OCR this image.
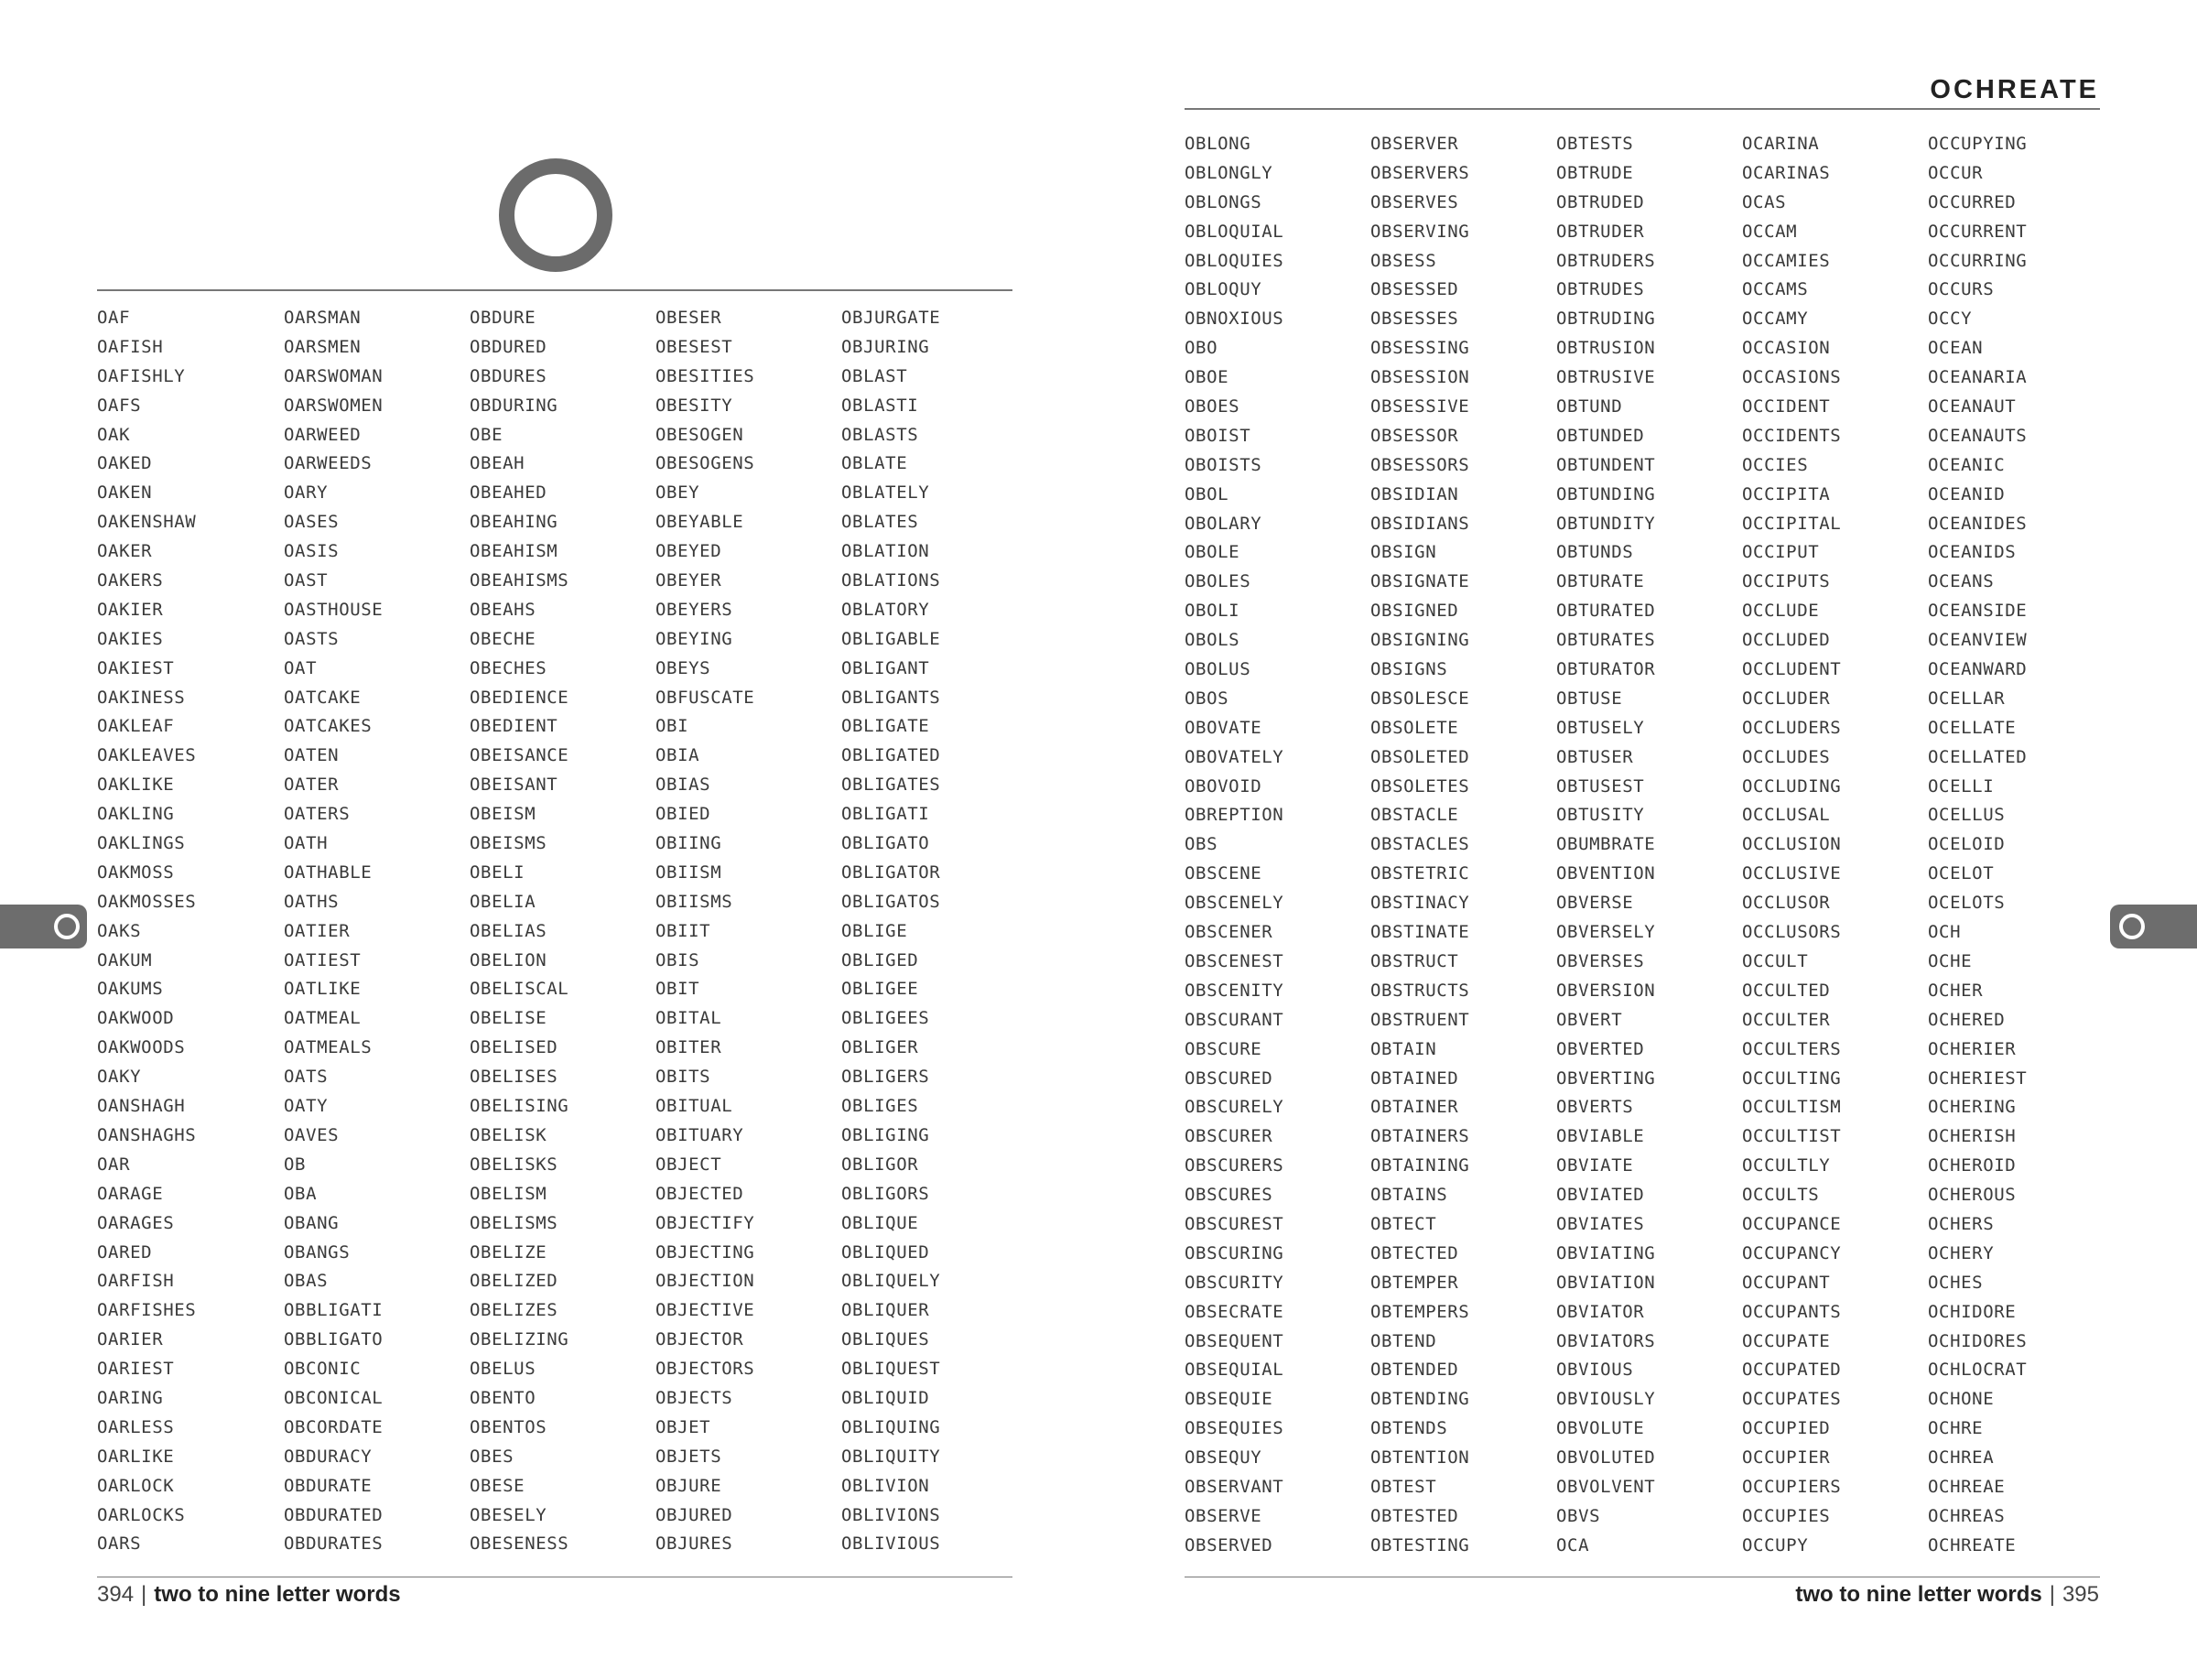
OAF
OAFISH
OAFISHLY
OAFS
OAK
OAKED
OAKEN
OAKENSHAW
OAKER
OAKERS
OAKIER
OAKIES
OAKIEST
OAKINESS
OAKLEAF
OAKLEAVES
OAKLIKE
OAKLING
OAKLINGS
OAKMOSS
OAKMOSSES
OAKS
OAKUM
OAKUMS
OAKWOOD
OAKWOODS
OAKY
OANSHAGH
OANSHAGHS
OAR
OARAGE
OARAGES
OARED
OARFISH
OARFISHES
OARIER
OARIEST
OARING
OARLESS
OARLIKE
OARLOCK
OARLOCKS
OARS
OARSMAN
OARSMEN
OARSWOMAN
OARSWOMEN
OARWEED
OARWEEDS
OARY
OASES
OASIS
OAST
OASTHOUSE
OASTS
OAT
OATCAKE
OATCAKES
OATEN
OATER
OATERS
OATH
OATHABLE
OATHS
OATIER
OATIEST
OATLIKE
OATMEAL
OATMEALS
OATS
OATY
OAVES
OB
OBA
OBANG
OBANGS
OBAS
OBBLIGATI
OBBLIGATO
OBCONIC
OBCONICAL
OBCORDATE
OBDURACY
OBDURATE
OBDURATED
OBDURATES
OBDURE
OBDURED
OBDURES
OBDURING
OBE
OBEAH
OBEAHED
OBEAHING
OBEAHISM
OBEAHISMS
OBEAHS
OBECHE
OBECHES
OBEDIENCE
OBEDIENT
OBEISANCE
OBEISANT
OBEISM
OBEISMS
OBELI
OBELIA
OBELIAS
OBELION
OBELISCAL
OBELISE
OBELISED
OBELISES
OBELISING
OBELISK
OBELISKS
OBELISM
OBELISMS
OBELIZE
OBELIZED
OBELIZES
OBELIZING
OBELUS
OBENTO
OBENTOS
OBES
OBESE
OBESELY
OBESENESS
OBESER
OBESEST
OBESITIES
OBESITY
OBESOGEN
OBESOGENS
OBEY
OBEYABLE
OBEYED
OBEYER
OBEYERS
OBEYING
OBEYS
OBFUSCATE
OBI
OBIA
OBIAS
OBIED
OBIING
OBIISM
OBIISMS
OBIIT
OBIS
OBIT
OBITAL
OBITER
OBITS
OBITUAL
OBITUARY
OBJECT
OBJECTED
OBJECTIFY
OBJECTING
OBJECTION
OBJECTIVE
OBJECTOR
OBJECTORS
OBJECTS
OBJET
OBJETS
OBJURE
OBJURED
OBJURES
OBJURGATE
OBJURING
OBLAST
OBLASTI
OBLASTS
OBLATE
OBLATELY
OBLATES
OBLATION
OBLATIONS
OBLATORY
OBLIGABLE
OBLIGANT
OBLIGANTS
OBLIGATE
OBLIGATED
OBLIGATES
OBLIGATI
OBLIGATO
OBLIGATOR
OBLIGATOS
OBLIGE
OBLIGED
OBLIGEE
OBLIGEES
OBLIGER
OBLIGERS
OBLIGES
OBLIGING
OBLIGOR
OBLIGORS
OBLIQUE
OBLIQUED
OBLIQUELY
OBLIQUER
OBLIQUES
OBLIQUEST
OBLIQUID
OBLIQUING
OBLIQUITY
OBLIVION
OBLIVIONS
OBLIVIOUS
394 | two to nine letter words
OCHREATE
OBLONG
OBLONGLY
OBLONGS
OBLOQUIAL
OBLOQUIES
OBLOQUY
OBNOXIOUS
OBO
OBOE
OBOES
OBOIST
OBOISTS
OBOL
OBOLARY
OBOLE
OBOLES
OBOLI
OBOLS
OBOLUS
OBOS
OBOVATE
OBOVATELY
OBOVOID
OBREPTION
OBS
OBSCENE
OBSCENELY
OBSCENER
OBSCENEST
OBSCENITY
OBSCURANT
OBSCURE
OBSCURED
OBSCURELY
OBSCURER
OBSCURERS
OBSCURES
OBSCUREST
OBSCURING
OBSCURITY
OBSECRATE
OBSEQUENT
OBSEQUIAL
OBSEQUIE
OBSEQUIES
OBSEQUY
OBSERVANT
OBSERVE
OBSERVED
OBSERVER
OBSERVERS
OBSERVES
OBSERVING
OBSESS
OBSESSED
OBSESSES
OBSESSING
OBSESSION
OBSESSIVE
OBSESSOR
OBSESSORS
OBSIDIAN
OBSIDIANS
OBSIGN
OBSIGNATE
OBSIGNED
OBSIGNING
OBSIGNS
OBSOLESCE
OBSOLETE
OBSOLETED
OBSOLETES
OBSTACLE
OBSTACLES
OBSTETRIC
OBSTINACY
OBSTINATE
OBSTRUCT
OBSTRUCTS
OBSTRUENT
OBTAIN
OBTAINED
OBTAINER
OBTAINERS
OBTAINING
OBTAINS
OBTECT
OBTECTED
OBTEMPER
OBTEMPERS
OBTEND
OBTENDED
OBTENDING
OBTENDS
OBTENTION
OBTEST
OBTESTED
OBTESTING
OBTESTS
OBTRUDE
OBTRUDED
OBTRUDER
OBTRUDERS
OBTRUDES
OBTRUDING
OBTRUSION
OBTRUSIVE
OBTUND
OBTUNDED
OBTUNDENT
OBTUNDING
OBTUNDITY
OBTUNDS
OBTURATE
OBTURATED
OBTURATES
OBTURATOR
OBTUSE
OBTUSELY
OBTUSER
OBTUSEST
OBTUSITY
OBUMBRATE
OBVENTION
OBVERSE
OBVERSELY
OBVERSES
OBVERSION
OBVERT
OBVERTED
OBVERTING
OBVERTS
OBVIABLE
OBVIATE
OBVIATED
OBVIATES
OBVIATING
OBVIATION
OBVIATOR
OBVIATORS
OBVIOUS
OBVIOUSLY
OBVOLUTE
OBVOLUTED
OBVOLVENT
OBVS
OCA
OCARINA
OCARINAS
OCAS
OCCAM
OCCAMIES
OCCAMS
OCCAMY
OCCASION
OCCASIONS
OCCIDENT
OCCIDENTS
OCCIES
OCCIPITA
OCCIPITAL
OCCIPUT
OCCIPUTS
OCCLUDE
OCCLUDED
OCCLUDENT
OCCLUDER
OCCLUDERS
OCCLUDES
OCCLUDING
OCCLUSAL
OCCLUSION
OCCLUSIVE
OCCLUSOR
OCCLUSORS
OCCULT
OCCULTED
OCCULTER
OCCULTERS
OCCULTING
OCCULTISM
OCCULTIST
OCCULTLY
OCCULTS
OCCUPANCE
OCCUPANCY
OCCUPANT
OCCUPANTS
OCCUPATE
OCCUPATED
OCCUPATES
OCCUPIED
OCCUPIER
OCCUPIERS
OCCUPIES
OCCUPY
OCCUPYING
OCCUR
OCCURRED
OCCURRENT
OCCURRING
OCCURS
OCCY
OCEAN
OCEANARIA
OCEANAUT
OCEANAUTS
OCEANIC
OCEANID
OCEANIDES
OCEANIDS
OCEANS
OCEANSIDE
OCEANVIEW
OCEANWARD
OCELLAR
OCELLATE
OCELLATED
OCELLI
OCELLUS
OCELOID
OCELOT
OCELOTS
OCH
OCHE
OCHER
OCHERED
OCHERIER
OCHERIEST
OCHERING
OCHERISH
OCHEROID
OCHEROUS
OCHERS
OCHERY
OCHES
OCHIDORE
OCHIDORES
OCHLOCRAT
OCHONE
OCHRE
OCHREA
OCHREAE
OCHREAS
OCHREATE
two to nine letter words | 395
